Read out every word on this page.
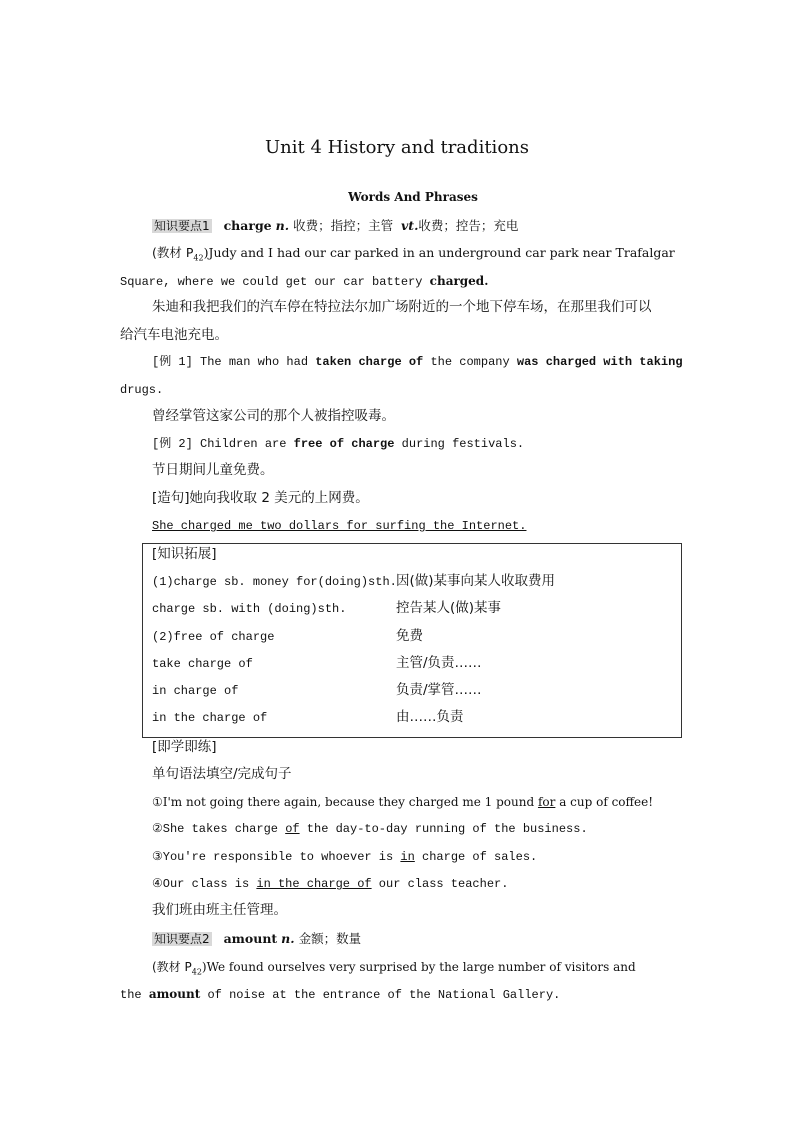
Unit 4 History and traditions
Words And Phrases
知识要点1 charge n. 收费；指控；主管 vt.收费；控告；充电
(教材 $P_{42})Judy$ and I had our car parked in an underground car park near Trafalgar
Square, where we could get our car battery charged.
朱迪和我把我们的汽车停在特拉法尔加广场附近的一个地下停车场，在那里我们可以
给汽车电池充电。
[例 1] The man who had taken charge of the company was charged with taking
drugs.
曾经掌管这家公司的那个人被指控吸毒。
[例 2] Children are free of charge during festivals.
节日期间儿童免费。
[造句]她向我收取 2 美元的上网费。
She charged me two dollars for surfing the Internet.
[知识拓展]
(1)charge sb. money for(doing)sth. 因(做)某事向某人收取费用
charge sb. with (doing)sth.	控告某人(做)某事
(2)free of charge	免费
take charge of	主管/负责……
in charge of	负责/掌管……
in the charge of	由……负责
[即学即练]
单句语法填空/完成句子
①I'm not going there again, because they charged me 1 pound for a cup of coffee!
②She takes charge of the day-to-day running of the business.
③You're responsible to whoever is in charge of sales.
④Our class is in the charge of our class teacher.
我们班由班主任管理。
知识要点2 amount n. 金额；数量
(教材 $P_{42})We$ found ourselves very surprised by the large number of visitors and
the amount of noise at the entrance of the National Gallery.
